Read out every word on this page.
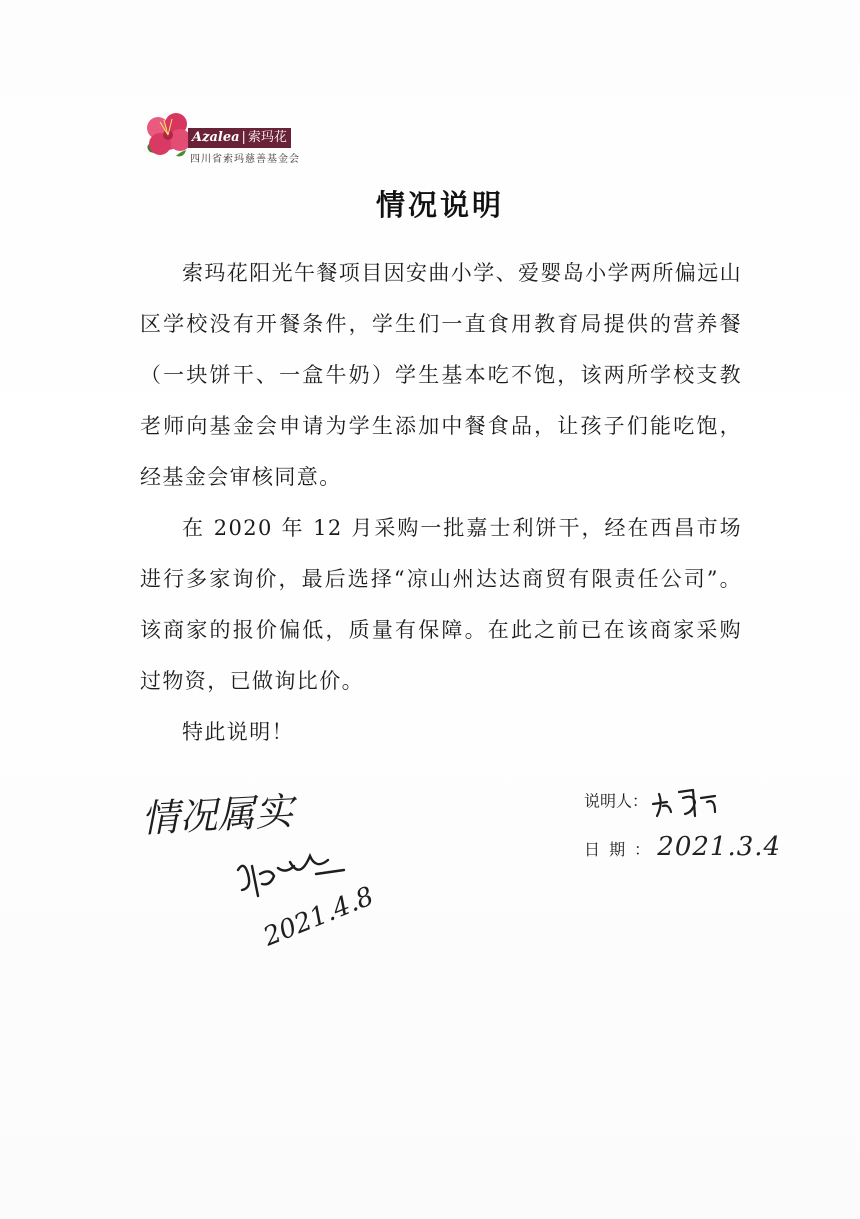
Azalea | 索玛花
四川省索玛慈善基金会
情况说明

索玛花阳光午餐项目因安曲小学、爱婴岛小学两所偏远山区学校没有开餐条件，学生们一直食用教育局提供的营养餐（一块饼干、一盒牛奶）学生基本吃不饱，该两所学校支教老师向基金会申请为学生添加中餐食品，让孩子们能吃饱，经基金会审核同意。

在 2020 年 12 月采购一批嘉士利饼干，经在西昌市场进行多家询价，最后选择“凉山州达达商贸有限责任公司”。该商家的报价偏低，质量有保障。在此之前已在该商家采购过物资，已做询比价。

特此说明！

情况属实
2021.4.8
说明人：
日 期 ： 2021.3.4
